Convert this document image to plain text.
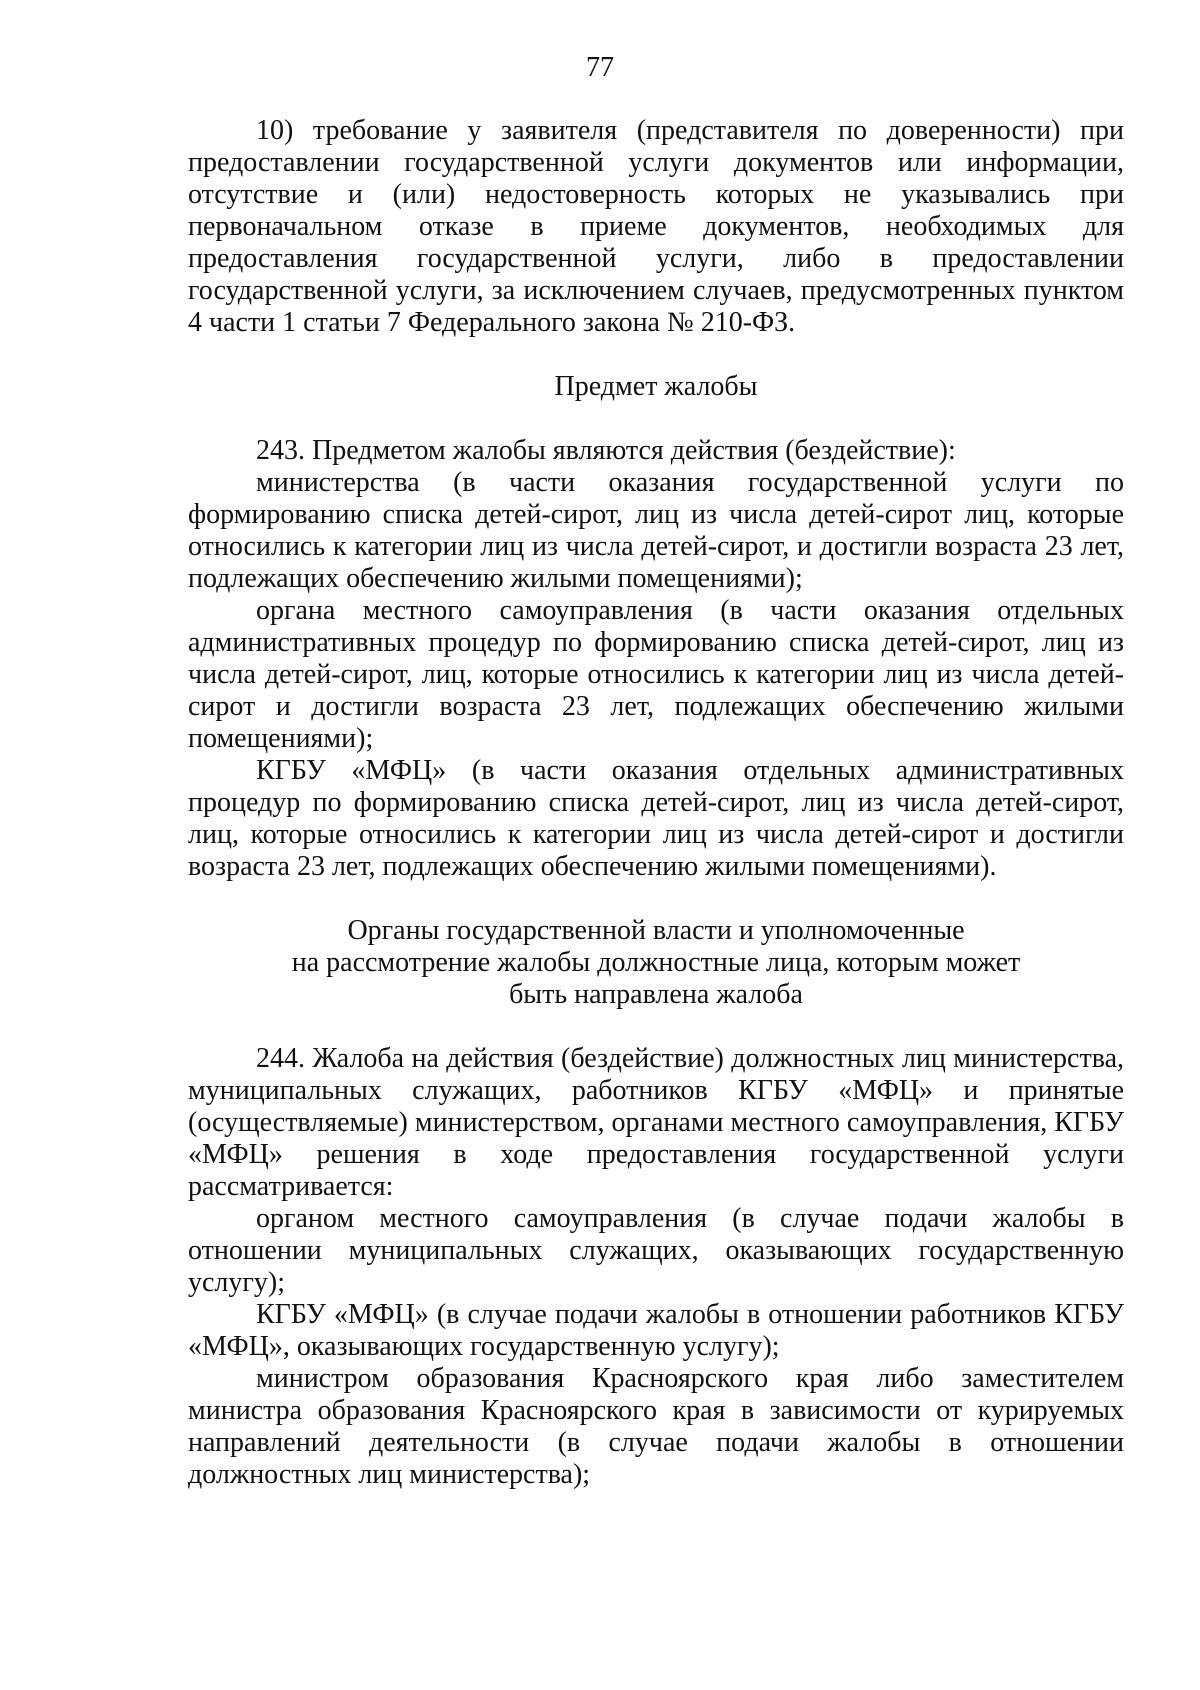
77

10) требование у заявителя (представителя по доверенности) при предоставлении государственной услуги документов или информации, отсутствие и (или) недостоверность которых не указывались при первоначальном отказе в приеме документов, необходимых для предоставления государственной услуги, либо в предоставлении государственной услуги, за исключением случаев, предусмотренных пунктом 4 части 1 статьи 7 Федерального закона № 210-ФЗ.

Предмет жалобы

243. Предметом жалобы являются действия (бездействие):

министерства (в части оказания государственной услуги по формированию списка детей-сирот, лиц из числа детей-сирот лиц, которые относились к категории лиц из числа детей-сирот, и достигли возраста 23 лет, подлежащих обеспечению жилыми помещениями);

органа местного самоуправления (в части оказания отдельных административных процедур по формированию списка детей-сирот, лиц из числа детей-сирот, лиц, которые относились к категории лиц из числа детей-сирот и достигли возраста 23 лет, подлежащих обеспечению жилыми помещениями);

КГБУ «МФЦ» (в части оказания отдельных административных процедур по формированию списка детей-сирот, лиц из числа детей-сирот, лиц, которые относились к категории лиц из числа детей-сирот и достигли возраста 23 лет, подлежащих обеспечению жилыми помещениями).

Органы государственной власти и уполномоченные

на рассмотрение жалобы должностные лица, которым может

быть направлена жалоба

244. Жалоба на действия (бездействие) должностных лиц министерства, муниципальных служащих, работников КГБУ «МФЦ» и принятые (осуществляемые) министерством, органами местного самоуправления, КГБУ «МФЦ» решения в ходе предоставления государственной услуги рассматривается:

органом местного самоуправления (в случае подачи жалобы в отношении муниципальных служащих, оказывающих государственную услугу);

КГБУ «МФЦ» (в случае подачи жалобы в отношении работников КГБУ «МФЦ», оказывающих государственную услугу);

министром образования Красноярского края либо заместителем министра образования Красноярского края в зависимости от курируемых направлений деятельности (в случае подачи жалобы в отношении должностных лиц министерства);
